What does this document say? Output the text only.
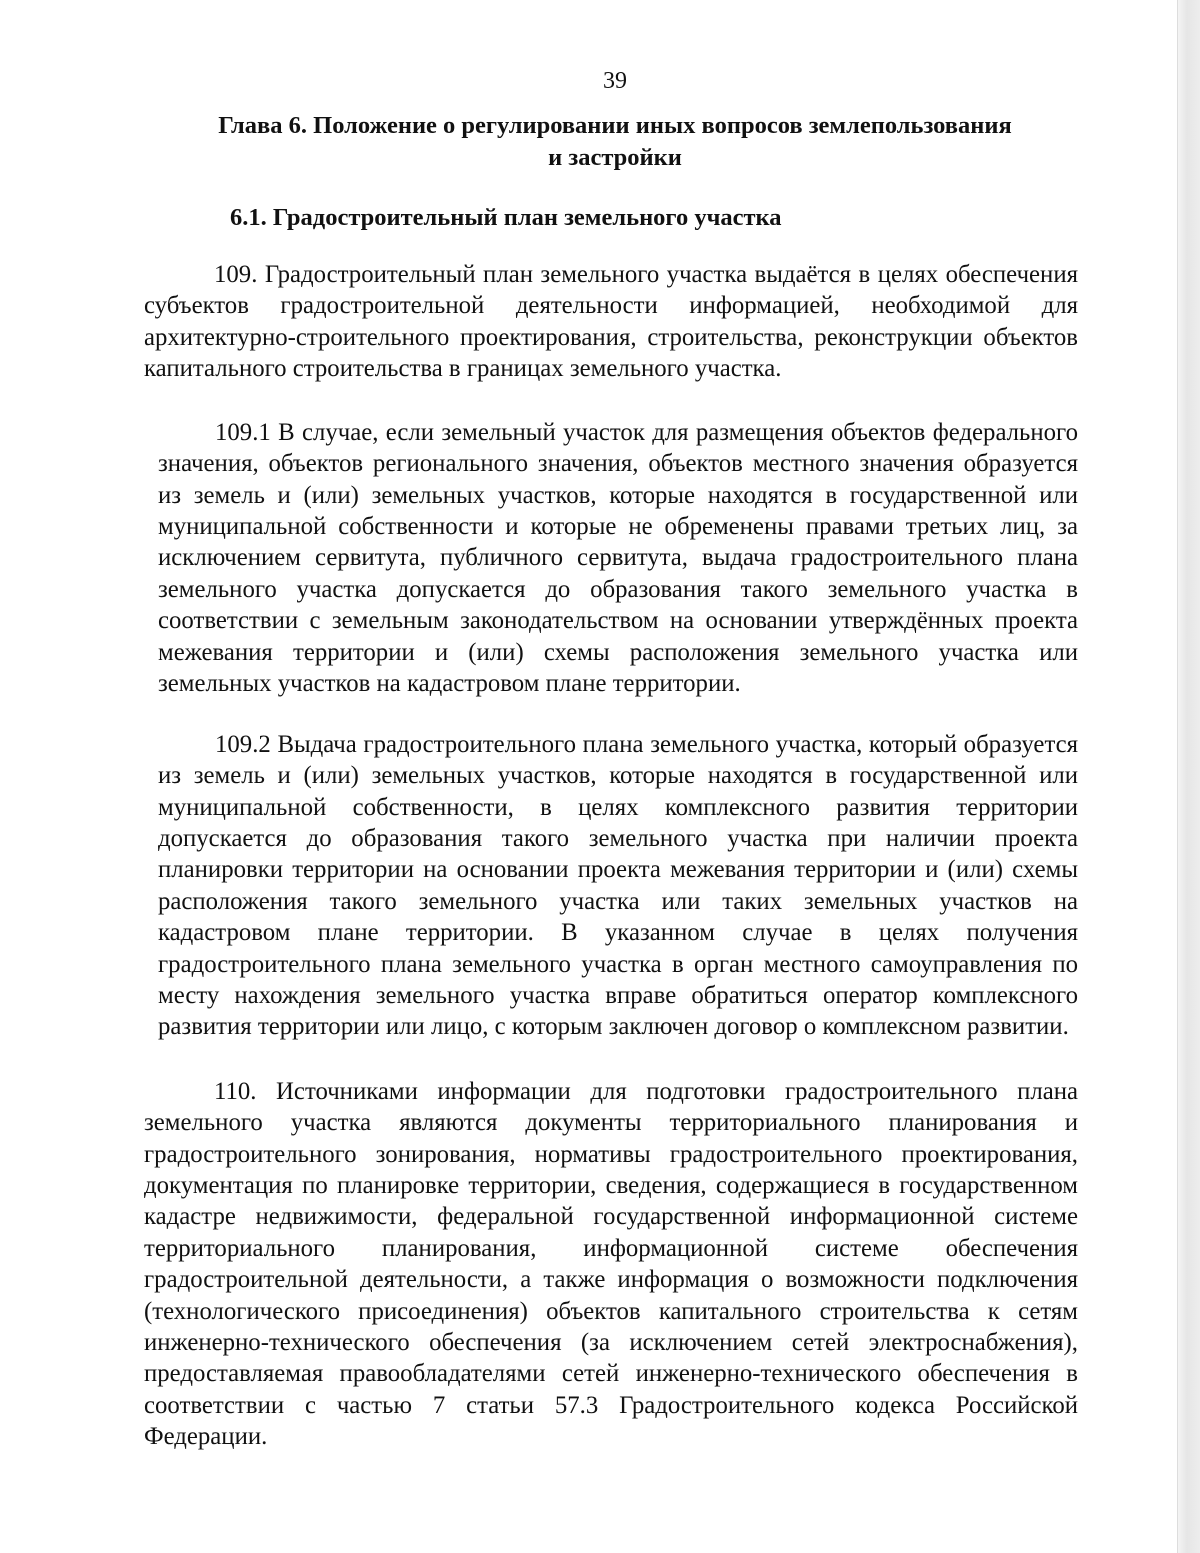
39
Глава 6. Положение о регулировании иных вопросов землепользования
и застройки
6.1. Градостроительный план земельного участка

109. Градостроительный план земельного участка выдаётся в целях обеспечения субъектов градостроительной деятельности информацией, необходимой для архитектурно-строительного проектирования, строительства, реконструкции объектов капитального строительства в границах земельного участка.

109.1 В случае, если земельный участок для размещения объектов федерального значения, объектов регионального значения, объектов местного значения образуется из земель и (или) земельных участков, которые находятся в государственной или муниципальной собственности и которые не обременены правами третьих лиц, за исключением сервитута, публичного сервитута, выдача градостроительного плана земельного участка допускается до образования такого земельного участка в соответствии с земельным законодательством на основании утверждённых проекта межевания территории и (или) схемы расположения земельного участка или земельных участков на кадастровом плане территории.

109.2 Выдача градостроительного плана земельного участка, который образуется из земель и (или) земельных участков, которые находятся в государственной или муниципальной собственности, в целях комплексного развития территории допускается до образования такого земельного участка при наличии проекта планировки территории на основании проекта межевания территории и (или) схемы расположения такого земельного участка или таких земельных участков на кадастровом плане территории. В указанном случае в целях получения градостроительного плана земельного участка в орган местного самоуправления по месту нахождения земельного участка вправе обратиться оператор комплексного развития территории или лицо, с которым заключен договор о комплексном развитии.

110. Источниками информации для подготовки градостроительного плана земельного участка являются документы территориального планирования и градостроительного зонирования, нормативы градостроительного проектирования, документация по планировке территории, сведения, содержащиеся в государственном кадастре недвижимости, федеральной государственной информационной системе территориального планирования, информационной системе обеспечения градостроительной деятельности, а также информация о возможности подключения (технологического присоединения) объектов капитального строительства к сетям инженерно-технического обеспечения (за исключением сетей электроснабжения), предоставляемая правообладателями сетей инженерно-технического обеспечения в соответствии с частью 7 статьи 57.3 Градостроительного кодекса Российской Федерации.
